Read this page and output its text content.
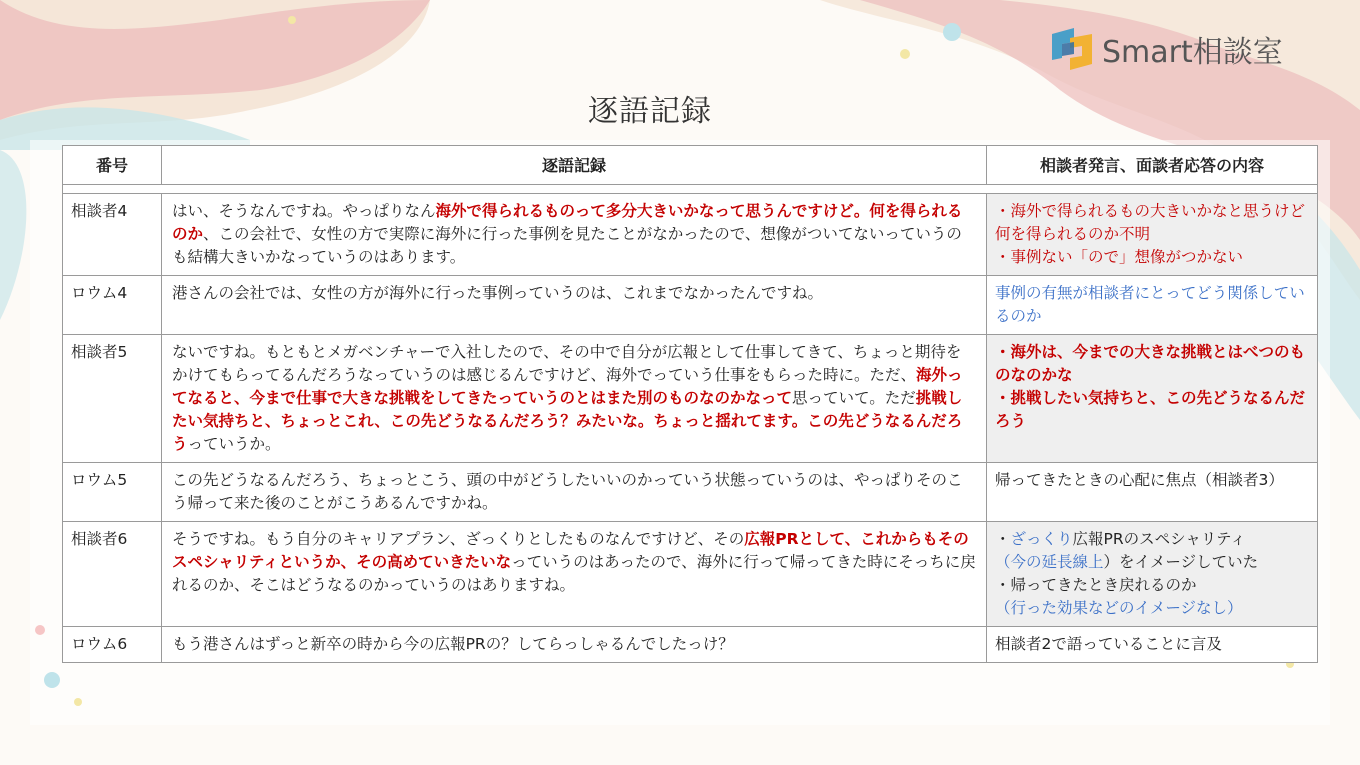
Smart相談室
逐語記録
番号	逐語記録	相談者発言、面談者応答の内容

相談者4	はい、そうなんですね。やっぱりなん海外で得られるものって多分大きいかなって思うんですけど。何を得られるのか、この会社で、女性の方で実際に海外に行った事例を見たことがなかったので、想像がついてないっていうのも結構大きいかなっていうのはあります。	・海外で得られるもの大きいかなと思うけど何を得られるのか不明
・事例ない「ので」想像がつかない

ロウム4	港さんの会社では、女性の方が海外に行った事例っていうのは、これまでなかったんですね。	事例の有無が相談者にとってどう関係しているのか

相談者5	ないですね。もともとメガベンチャーで入社したので、その中で自分が広報として仕事してきて、ちょっと期待をかけてもらってるんだろうなっていうのは感じるんですけど、海外でっていう仕事をもらった時に。ただ、海外ってなると、今まで仕事で大きな挑戦をしてきたっていうのとはまた別のものなのかなって思っていて。ただ挑戦したい気持ちと、ちょっとこれ、この先どうなるんだろう？みたいな。ちょっと揺れてます。この先どうなるんだろうっていうか。	・海外は、今までの大きな挑戦とはべつのものなのかな
・挑戦したい気持ちと、この先どうなるんだろう

ロウム5	この先どうなるんだろう、ちょっとこう、頭の中がどうしたいいのかっていう状態っていうのは、やっぱりそのこう帰って来た後のことがこうあるんですかね。	帰ってきたときの心配に焦点（相談者3）

相談者6	そうですね。もう自分のキャリアプラン、ざっくりとしたものなんですけど、その広報PRとして、これからもそのスペシャリティというか、その高めていきたいなっていうのはあったので、海外に行って帰ってきた時にそっちに戻れるのか、そこはどうなるのかっていうのはありますね。	・ざっくり広報PRのスペシャリティ
（今の延長線上）をイメージしていた
・帰ってきたとき戻れるのか
（行った効果などのイメージなし）

ロウム6	もう港さんはずっと新卒の時から今の広報PRの？してらっしゃるんでしたっけ？	相談者2で語っていることに言及
